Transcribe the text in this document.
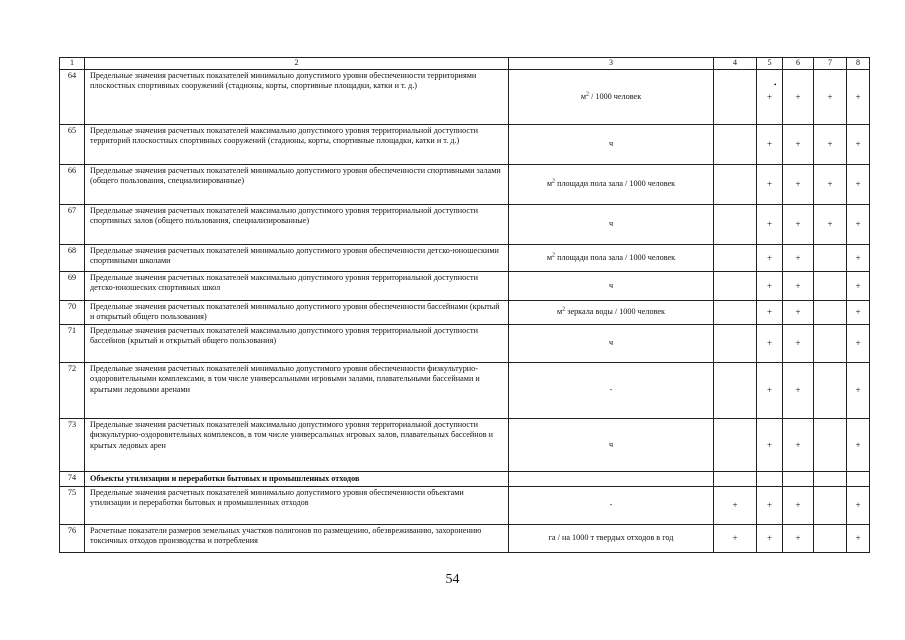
1	2	3	4	5	6	7	8
64	Предельные значения расчетных показателей минимально допустимого уровня обеспеченности территориями плоскостных спортивных сооружений (стадионы, корты, спортивные площадки, катки и т. д.)	$м^2 / 1000$ человек		+	+	+	+
65	Предельные значения расчетных показателей максимально допустимого уровня территориальной доступности территорий плоскостных спортивных сооружений (стадионы, корты, спортивные площадки, катки и т. д.)	ч		+	+	+	+
66	Предельные значения расчетных показателей минимально допустимого уровня обеспеченности спортивными залами (общего пользования, специализированные)	$м^2$ площади пола зала / 1000 человек		+	+	+	+
67	Предельные значения расчетных показателей максимально допустимого уровня территориальной доступности спортивных залов (общего пользования, специализированные)	ч		+	+	+	+
68	Предельные значения расчетных показателей минимально допустимого уровня обеспеченности детско-юношескими спортивными школами	$м^2$ площади пола зала / 1000 человек		+	+		+
69	Предельные значения расчетных показателей максимально допустимого уровня территориальной доступности детско-юношеских спортивных школ	ч		+	+		+
70	Предельные значения расчетных показателей минимально допустимого уровня обеспеченности бассейнами (крытый и открытый общего пользования)	$м^2$ зеркала воды / 1000 человек		+	+		+
71	Предельные значения расчетных показателей максимально допустимого уровня территориальной доступности бассейнов (крытый и открытый общего пользования)	ч		+	+		+
72	Предельные значения расчетных показателей минимально допустимого уровня обеспеченности физкультурно-оздоровительными комплексами, в том числе универсальными игровыми залами, плавательными бассейнами и крытыми ледовыми аренами	-		+	+		+
73	Предельные значения расчетных показателей максимально допустимого уровня территориальной доступности физкультурно-оздоровительных комплексов, в том числе универсальных игровых залов, плавательных бассейнов и крытых ледовых арен	ч		+	+		+
74	Объекты утилизации и переработки бытовых и промышленных отходов						
75	Предельные значения расчетных показателей минимально допустимого уровня обеспеченности объектами утилизации и переработки бытовых и промышленных отходов	-	+	+	+		+
76	Расчетные показатели размеров земельных участков полигонов по размещению, обезвреживанию, захоронению токсичных отходов производства и потребления	га / на 1000 т твердых отходов в год	+	+	+		+
•
54
